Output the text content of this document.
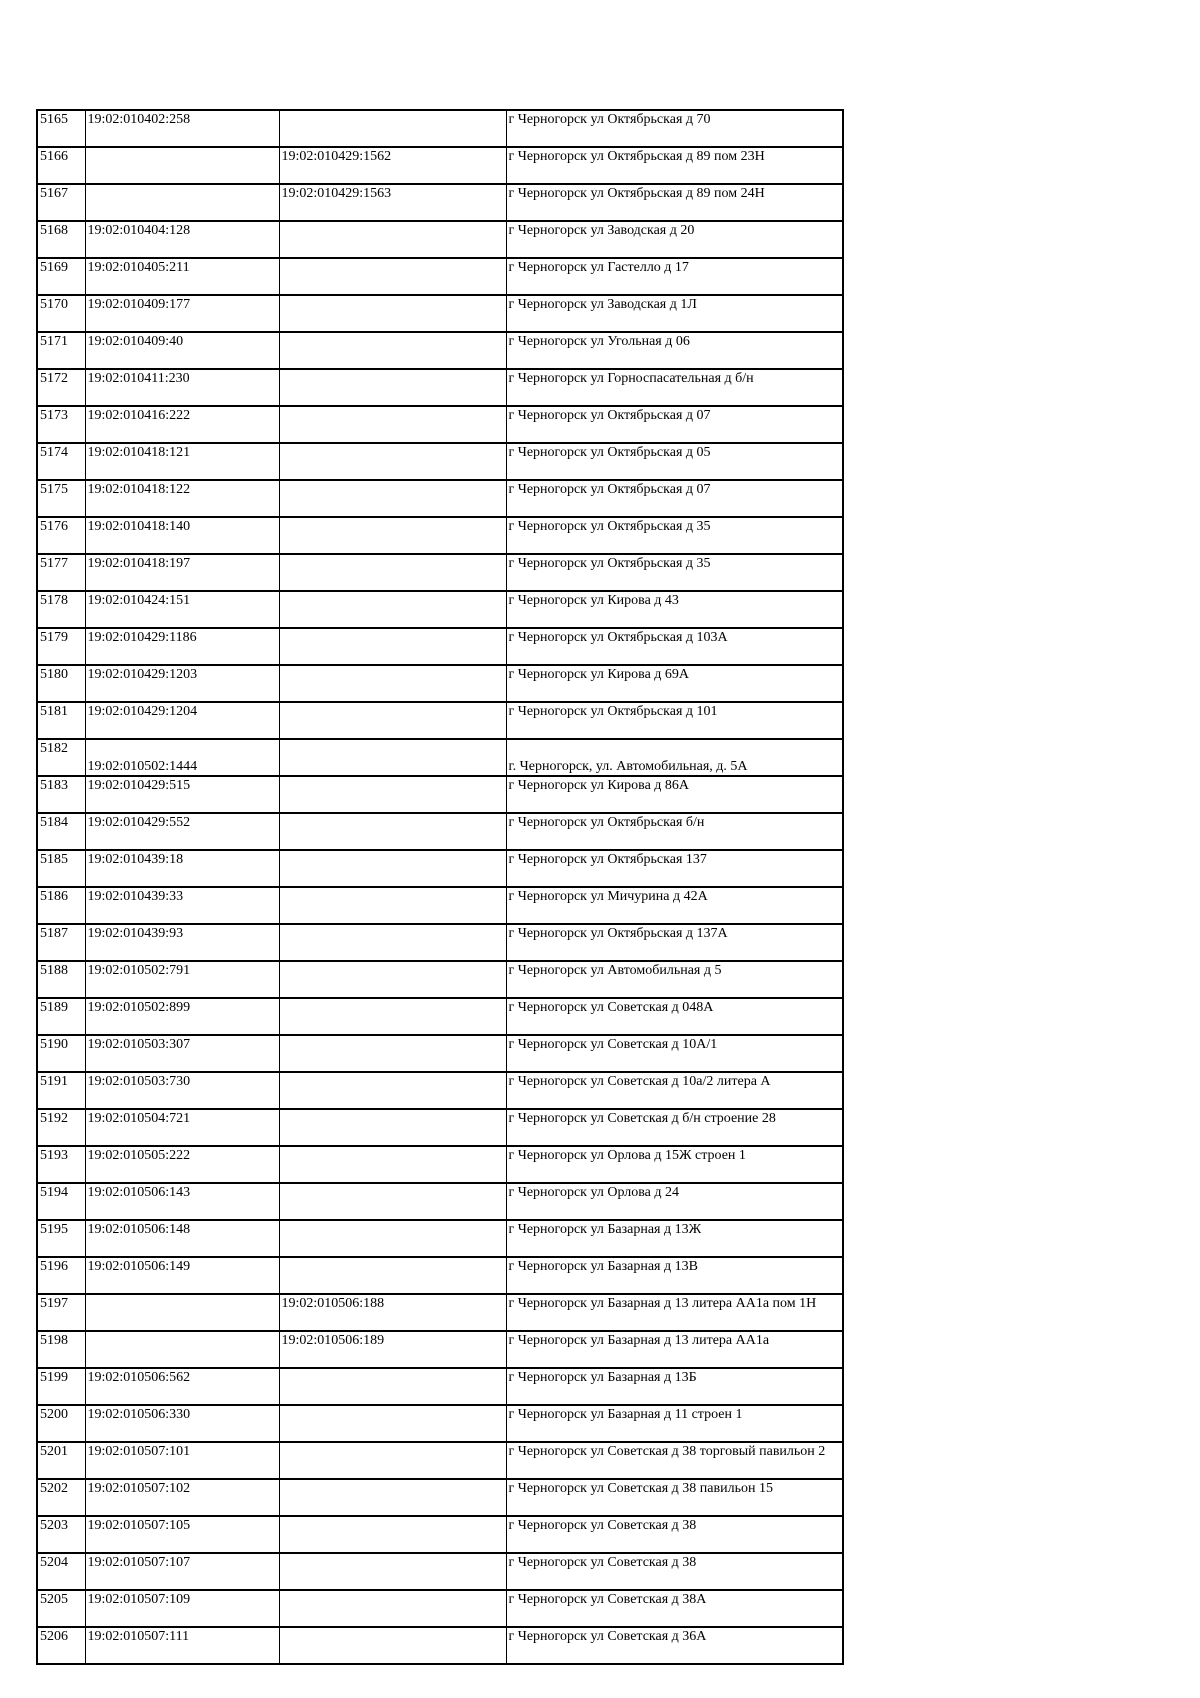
5165	19:02:010402:258		г Черногорск ул Октябрьская д 70
5166		19:02:010429:1562	г Черногорск ул Октябрьская д 89 пом 23Н
5167		19:02:010429:1563	г Черногорск ул Октябрьская д 89 пом 24Н
5168	19:02:010404:128		г Черногорск ул Заводская д 20
5169	19:02:010405:211		г Черногорск ул Гастелло д 17
5170	19:02:010409:177		г Черногорск ул Заводская д 1Л
5171	19:02:010409:40		г Черногорск ул Угольная д 06
5172	19:02:010411:230		г Черногорск ул Горноспасательная д б/н
5173	19:02:010416:222		г Черногорск ул Октябрьская д 07
5174	19:02:010418:121		г Черногорск ул Октябрьская д 05
5175	19:02:010418:122		г Черногорск ул Октябрьская д 07
5176	19:02:010418:140		г Черногорск ул Октябрьская д 35
5177	19:02:010418:197		г Черногорск ул Октябрьская д 35
5178	19:02:010424:151		г Черногорск ул Кирова д 43
5179	19:02:010429:1186		г Черногорск ул Октябрьская д 103А
5180	19:02:010429:1203		г Черногорск ул Кирова д 69А
5181	19:02:010429:1204		г Черногорск ул Октябрьская д 101
5182	19:02:010502:1444		г. Черногорск, ул. Автомобильная, д. 5А
5183	19:02:010429:515		г Черногорск ул Кирова д 86А
5184	19:02:010429:552		г Черногорск ул Октябрьская б/н
5185	19:02:010439:18		г Черногорск ул Октябрьская 137
5186	19:02:010439:33		г Черногорск ул Мичурина д 42А
5187	19:02:010439:93		г Черногорск ул Октябрьская д 137А
5188	19:02:010502:791		г Черногорск ул Автомобильная д 5
5189	19:02:010502:899		г Черногорск ул Советская д 048А
5190	19:02:010503:307		г Черногорск ул Советская д 10А/1
5191	19:02:010503:730		г Черногорск ул Советская д 10а/2 литера А
5192	19:02:010504:721		г Черногорск ул Советская д б/н строение 28
5193	19:02:010505:222		г Черногорск ул Орлова д 15Ж строен 1
5194	19:02:010506:143		г Черногорск ул Орлова д 24
5195	19:02:010506:148		г Черногорск ул Базарная д 13Ж
5196	19:02:010506:149		г Черногорск ул Базарная д 13В
5197		19:02:010506:188	г Черногорск ул Базарная д 13 литера АА1а пом 1Н
5198		19:02:010506:189	г Черногорск ул Базарная д 13 литера АА1а
5199	19:02:010506:562		г Черногорск ул Базарная д 13Б
5200	19:02:010506:330		г Черногорск ул Базарная д 11 строен 1
5201	19:02:010507:101		г Черногорск ул Советская д 38 торговый павильон 2
5202	19:02:010507:102		г Черногорск ул Советская д 38 павильон 15
5203	19:02:010507:105		г Черногорск ул Советская д 38
5204	19:02:010507:107		г Черногорск ул Советская д 38
5205	19:02:010507:109		г Черногорск ул Советская д 38А
5206	19:02:010507:111		г Черногорск ул Советская д 36А
